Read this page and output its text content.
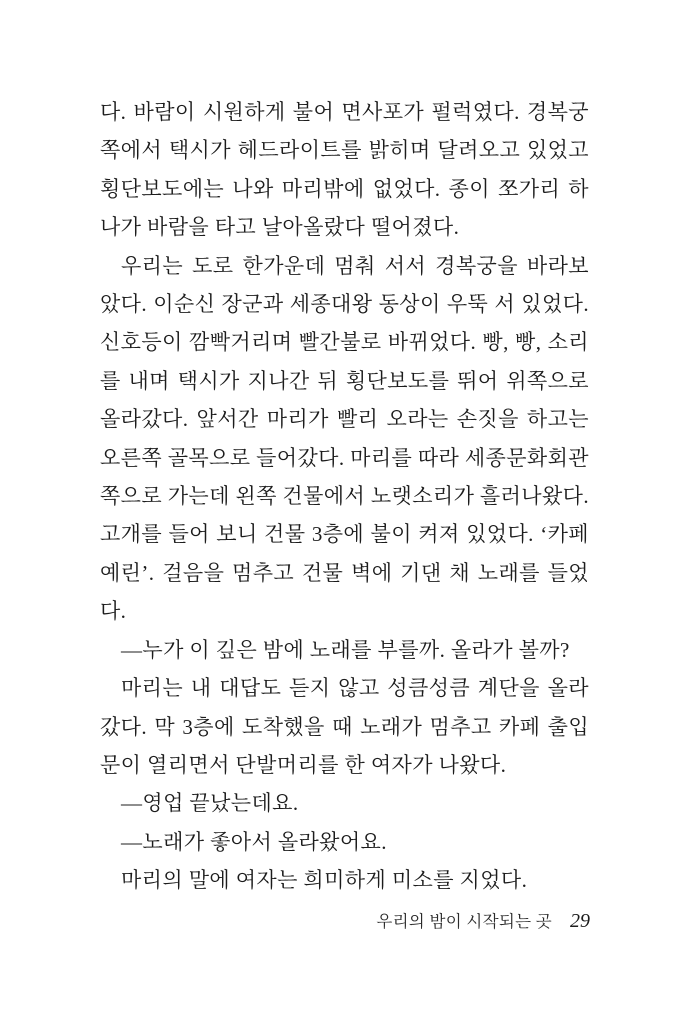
다. 바람이 시원하게 불어 면사포가 펄럭였다. 경복궁 쪽에서 택시가 헤드라이트를 밝히며 달려오고 있었고 횡단보도에는 나와 마리밖에 없었다. 종이 쪼가리 하나가 바람을 타고 날아올랐다 떨어졌다.

우리는 도로 한가운데 멈춰 서서 경복궁을 바라보았다. 이순신 장군과 세종대왕 동상이 우뚝 서 있었다. 신호등이 깜빡거리며 빨간불로 바뀌었다. 빵, 빵, 소리를 내며 택시가 지나간 뒤 횡단보도를 뛰어 위쪽으로 올라갔다. 앞서간 마리가 빨리 오라는 손짓을 하고는 오른쪽 골목으로 들어갔다. 마리를 따라 세종문화회관 쪽으로 가는데 왼쪽 건물에서 노랫소리가 흘러나왔다. 고개를 들어 보니 건물 3층에 불이 켜져 있었다. ‘카페 예린’. 걸음을 멈추고 건물 벽에 기댄 채 노래를 들었다.

—누가 이 깊은 밤에 노래를 부를까. 올라가 볼까?

마리는 내 대답도 듣지 않고 성큼성큼 계단을 올라갔다. 막 3층에 도착했을 때 노래가 멈추고 카페 출입문이 열리면서 단발머리를 한 여자가 나왔다.

—영업 끝났는데요.

—노래가 좋아서 올라왔어요.

마리의 말에 여자는 희미하게 미소를 지었다.

우리의 밤이 시작되는 곳 29
